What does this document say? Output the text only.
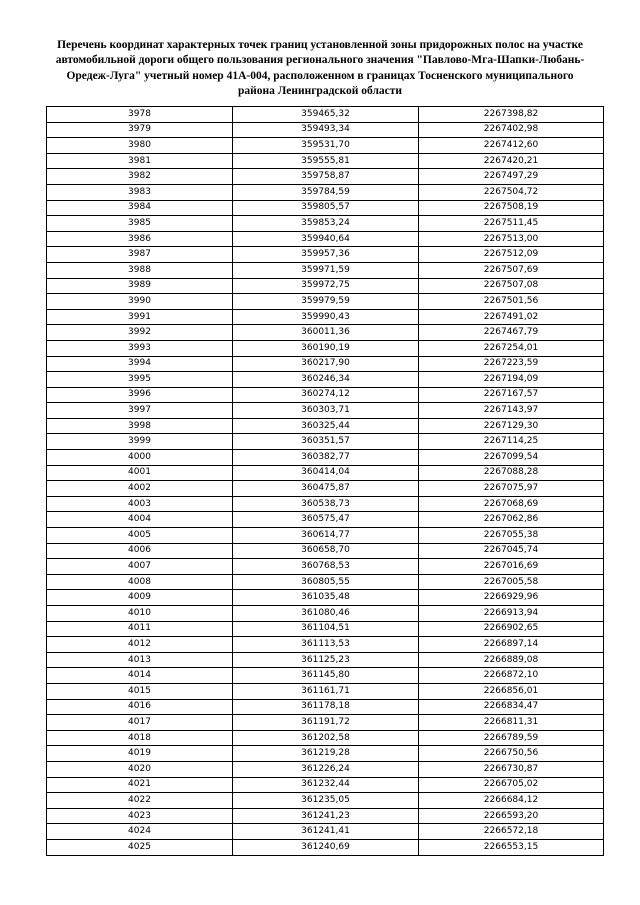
Перечень координат характерных точек границ установленной зоны придорожных полос на участке
автомобильной дороги общего пользования регионального значения "Павлово-Мга-Шапки-Любань-
Оредеж-Луга" учетный номер 41А-004, расположенном в границах Тосненского муниципального
района Ленинградской области
3978	359465,32	2267398,82
3979	359493,34	2267402,98
3980	359531,70	2267412,60
3981	359555,81	2267420,21
3982	359758,87	2267497,29
3983	359784,59	2267504,72
3984	359805,57	2267508,19
3985	359853,24	2267511,45
3986	359940,64	2267513,00
3987	359957,36	2267512,09
3988	359971,59	2267507,69
3989	359972,75	2267507,08
3990	359979,59	2267501,56
3991	359990,43	2267491,02
3992	360011,36	2267467,79
3993	360190,19	2267254,01
3994	360217,90	2267223,59
3995	360246,34	2267194,09
3996	360274,12	2267167,57
3997	360303,71	2267143,97
3998	360325,44	2267129,30
3999	360351,57	2267114,25
4000	360382,77	2267099,54
4001	360414,04	2267088,28
4002	360475,87	2267075,97
4003	360538,73	2267068,69
4004	360575,47	2267062,86
4005	360614,77	2267055,38
4006	360658,70	2267045,74
4007	360768,53	2267016,69
4008	360805,55	2267005,58
4009	361035,48	2266929,96
4010	361080,46	2266913,94
4011	361104,51	2266902,65
4012	361113,53	2266897,14
4013	361125,23	2266889,08
4014	361145,80	2266872,10
4015	361161,71	2266856,01
4016	361178,18	2266834,47
4017	361191,72	2266811,31
4018	361202,58	2266789,59
4019	361219,28	2266750,56
4020	361226,24	2266730,87
4021	361232,44	2266705,02
4022	361235,05	2266684,12
4023	361241,23	2266593,20
4024	361241,41	2266572,18
4025	361240,69	2266553,15
